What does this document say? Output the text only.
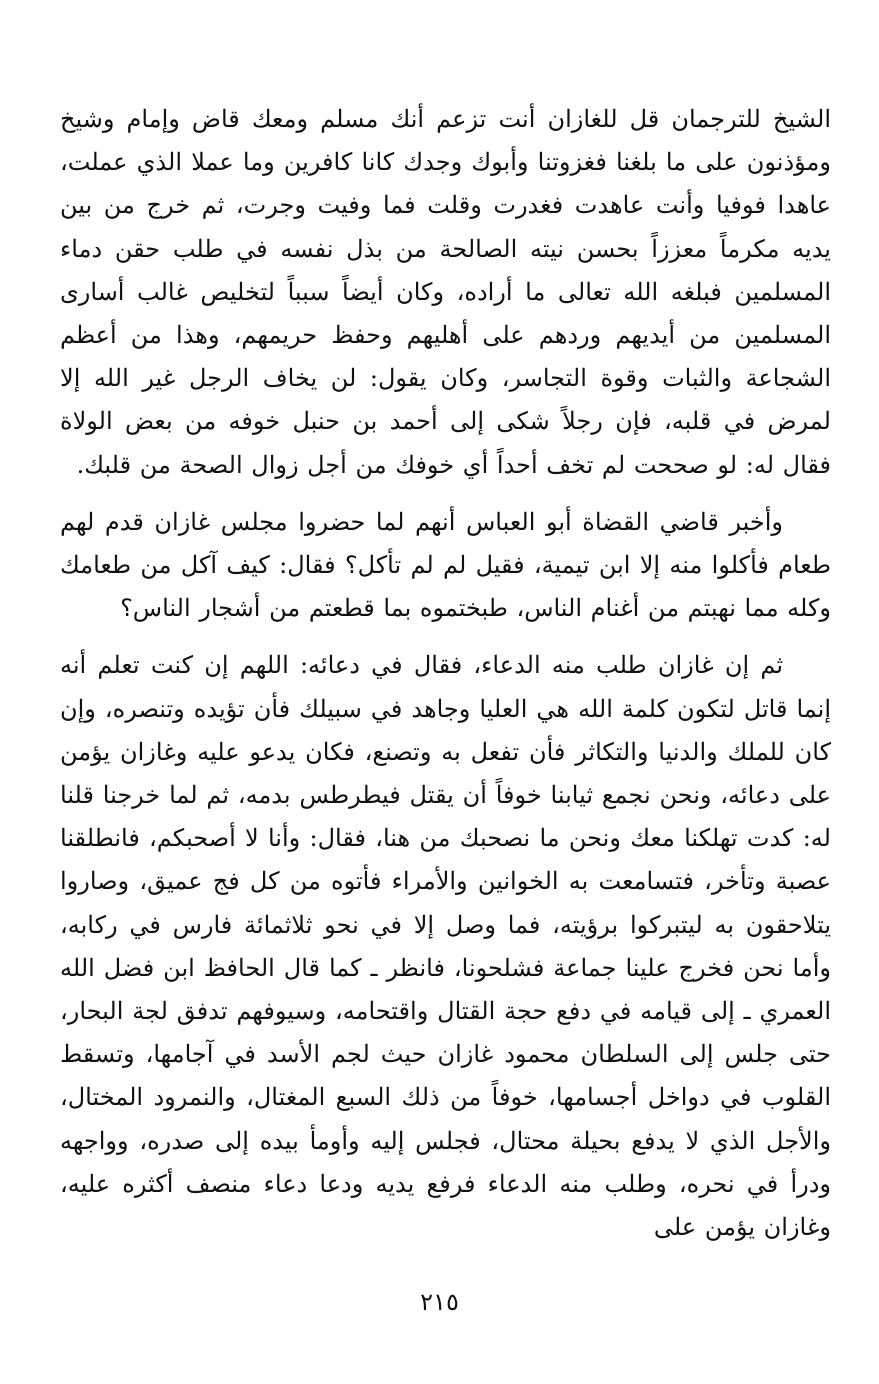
الشيخ للترجمان قل للغازان أنت تزعم أنك مسلم ومعك قاض وإمام وشيخ ومؤذنون على ما بلغنا فغزوتنا وأبوك وجدك كانا كافرين وما عملا الذي عملت، عاهدا فوفيا وأنت عاهدت فغدرت وقلت فما وفيت وجرت، ثم خرج من بين يديه مكرماً معززاً بحسن نيته الصالحة من بذل نفسه في طلب حقن دماء المسلمين فبلغه الله تعالى ما أراده، وكان أيضاً سبباً لتخليص غالب أسارى المسلمين من أيديهم وردهم على أهليهم وحفظ حريمهم، وهذا من أعظم الشجاعة والثبات وقوة التجاسر، وكان يقول: لن يخاف الرجل غير الله إلا لمرض في قلبه، فإن رجلاً شكى إلى أحمد بن حنبل خوفه من بعض الولاة فقال له: لو صححت لم تخف أحداً أي خوفك من أجل زوال الصحة من قلبك.

وأخبر قاضي القضاة أبو العباس أنهم لما حضروا مجلس غازان قدم لهم طعام فأكلوا منه إلا ابن تيمية، فقيل لم لم تأكل؟ فقال: كيف آكل من طعامك وكله مما نهبتم من أغنام الناس، طبختموه بما قطعتم من أشجار الناس؟

ثم إن غازان طلب منه الدعاء، فقال في دعائه: اللهم إن كنت تعلم أنه إنما قاتل لتكون كلمة الله هي العليا وجاهد في سبيلك فأن تؤيده وتنصره، وإن كان للملك والدنيا والتكاثر فأن تفعل به وتصنع، فكان يدعو عليه وغازان يؤمن على دعائه، ونحن نجمع ثيابنا خوفاً أن يقتل فيطرطس بدمه، ثم لما خرجنا قلنا له: كدت تهلكنا معك ونحن ما نصحبك من هنا، فقال: وأنا لا أصحبكم، فانطلقنا عصبة وتأخر، فتسامعت به الخوانين والأمراء فأتوه من كل فج عميق، وصاروا يتلاحقون به ليتبركوا برؤيته، فما وصل إلا في نحو ثلاثمائة فارس في ركابه، وأما نحن فخرج علينا جماعة فشلحونا، فانظر ـ كما قال الحافظ ابن فضل الله العمري ـ إلى قيامه في دفع حجة القتال واقتحامه، وسيوفهم تدفق لجة البحار، حتى جلس إلى السلطان محمود غازان حيث لجم الأسد في آجامها، وتسقط القلوب في دواخل أجسامها، خوفاً من ذلك السبع المغتال، والنمرود المختال، والأجل الذي لا يدفع بحيلة محتال، فجلس إليه وأومأ بيده إلى صدره، وواجهه ودرأ في نحره، وطلب منه الدعاء فرفع يديه ودعا دعاء منصف أكثره عليه، وغازان يؤمن على

٢١٥
